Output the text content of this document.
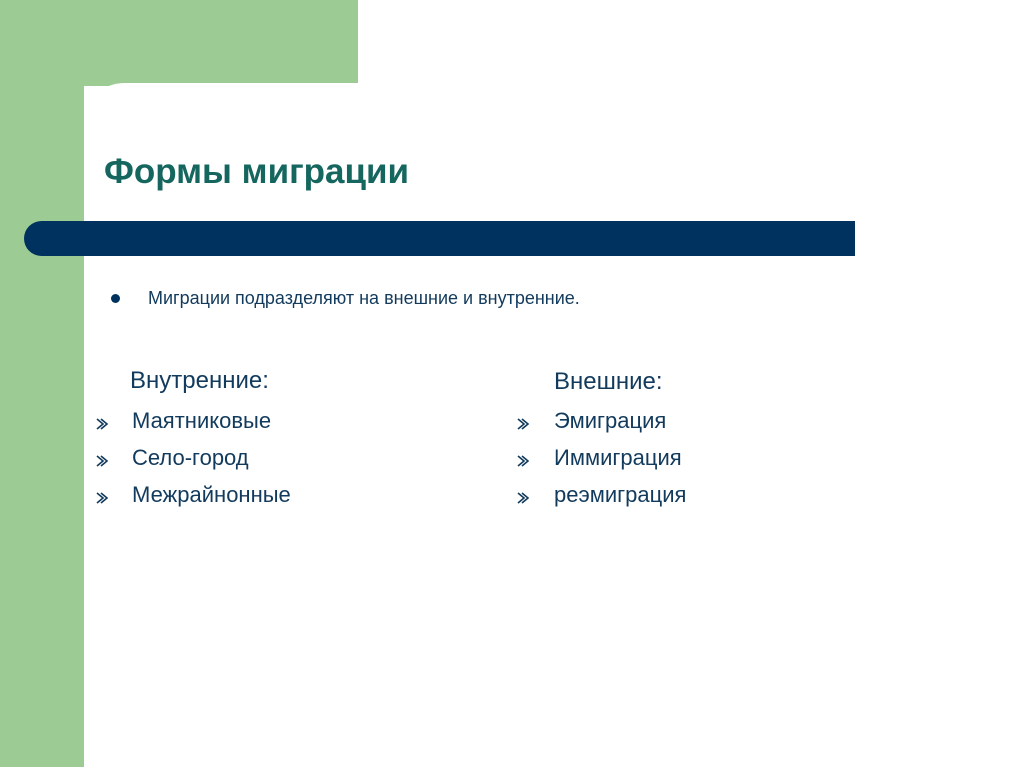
Формы миграции
Миграции подразделяют на внешние и внутренние.
Внутренние:
Маятниковые
Село-город
Межрайнонные
Внешние:
Эмиграция
Иммиграция
реэмиграция
